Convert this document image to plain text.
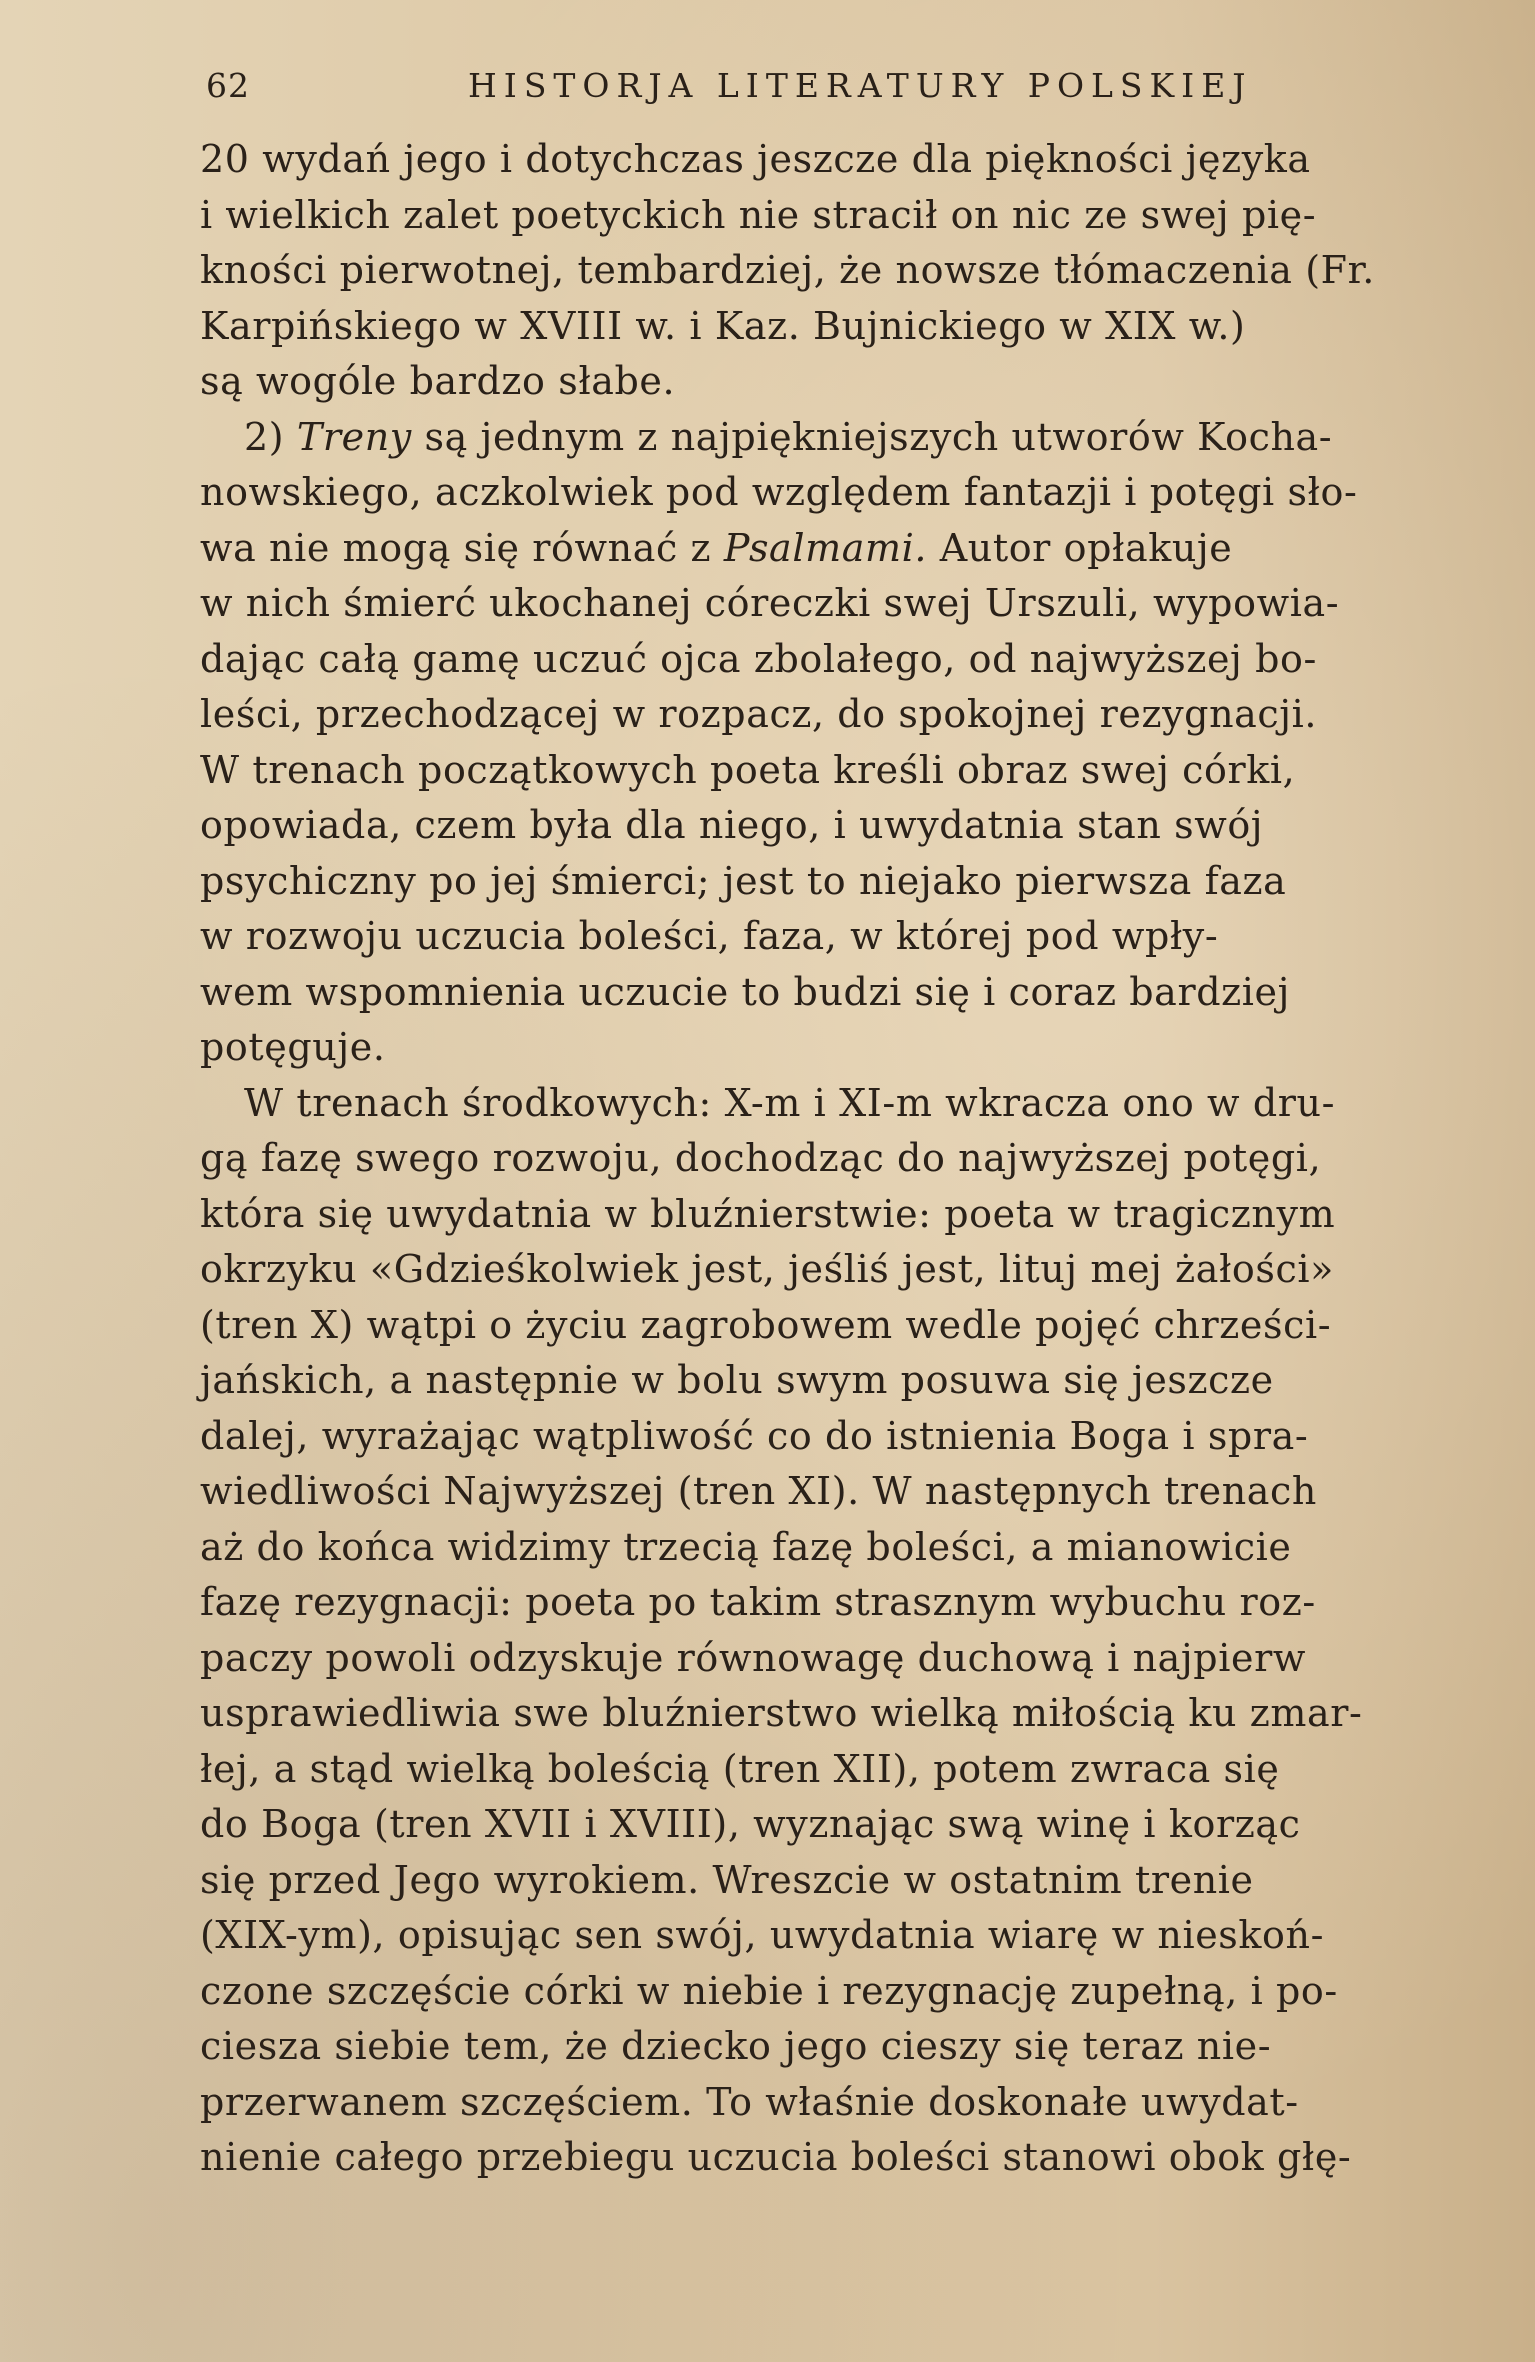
62	HISTORJA LITERATURY POLSKIEJ
20 wydań jego i dotychczas jeszcze dla piękności języka
i wielkich zalet poetyckich nie stracił on nic ze swej pię-
kności pierwotnej, tembardziej, że nowsze tłómaczenia (Fr.
Karpińskiego w XVIII w. i Kaz. Bujnickiego w XIX w.)
są wogóle bardzo słabe.
2) Treny są jednym z najpiękniejszych utworów Kocha-
nowskiego, aczkolwiek pod względem fantazji i potęgi sło-
wa nie mogą się równać z Psalmami. Autor opłakuje
w nich śmierć ukochanej córeczki swej Urszuli, wypowia-
dając całą gamę uczuć ojca zbolałego, od najwyższej bo-
leści, przechodzącej w rozpacz, do spokojnej rezygnacji.
W trenach początkowych poeta kreśli obraz swej córki,
opowiada, czem była dla niego, i uwydatnia stan swój
psychiczny po jej śmierci; jest to niejako pierwsza faza
w rozwoju uczucia boleści, faza, w której pod wpły-
wem wspomnienia uczucie to budzi się i coraz bardziej
potęguje.
W trenach środkowych: X-m i XI-m wkracza ono w dru-
gą fazę swego rozwoju, dochodząc do najwyższej potęgi,
która się uwydatnia w bluźnierstwie: poeta w tragicznym
okrzyku «Gdzieśkolwiek jest, jeśliś jest, lituj mej żałości»
(tren X) wątpi o życiu zagrobowem wedle pojęć chrześci-
jańskich, a następnie w bolu swym posuwa się jeszcze
dalej, wyrażając wątpliwość co do istnienia Boga i spra-
wiedliwości Najwyższej (tren XI). W następnych trenach
aż do końca widzimy trzecią fazę boleści, a mianowicie
fazę rezygnacji: poeta po takim strasznym wybuchu roz-
paczy powoli odzyskuje równowagę duchową i najpierw
usprawiedliwia swe bluźnierstwo wielką miłością ku zmar-
łej, a stąd wielką boleścią (tren XII), potem zwraca się
do Boga (tren XVII i XVIII), wyznając swą winę i korząc
się przed Jego wyrokiem. Wreszcie w ostatnim trenie
(XIX-ym), opisując sen swój, uwydatnia wiarę w nieskoń-
czone szczęście córki w niebie i rezygnację zupełną, i po-
ciesza siebie tem, że dziecko jego cieszy się teraz nie-
przerwanem szczęściem. To właśnie doskonałe uwydat-
nienie całego przebiegu uczucia boleści stanowi obok głę-
